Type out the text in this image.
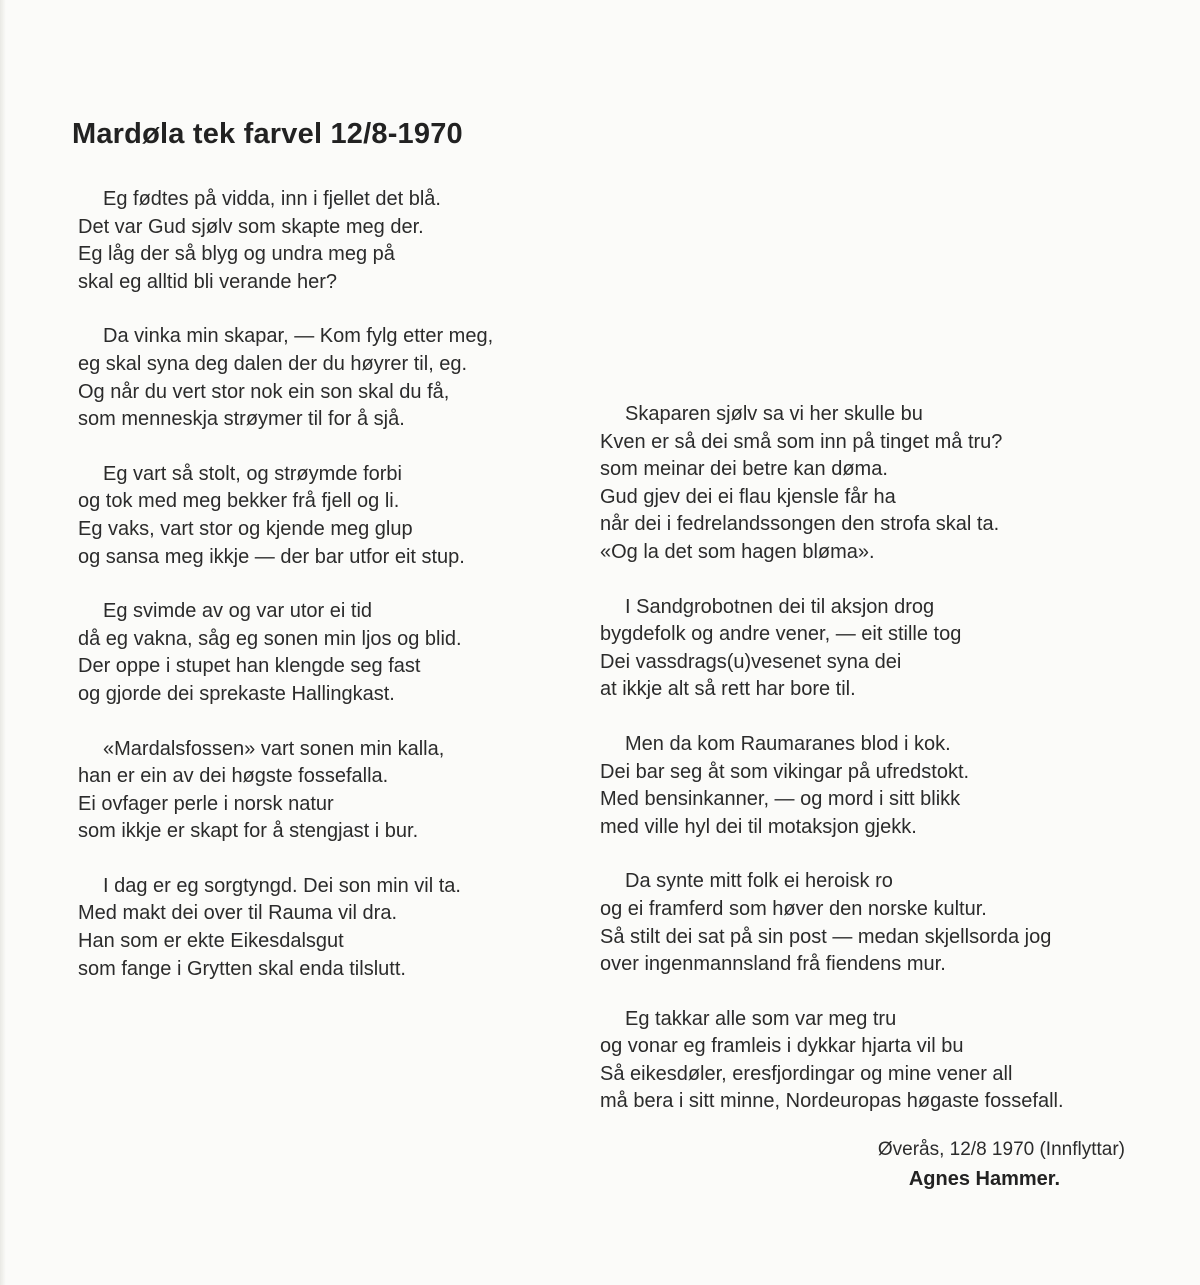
Mardøla tek farvel 12/8-1970
Eg fødtes på vidda, inn i fjellet det blå.
Det var Gud sjølv som skapte meg der.
Eg låg der så blyg og undra meg på
skal eg alltid bli verande her?
Da vinka min skapar, — Kom fylg etter meg,
eg skal syna deg dalen der du høyrer til, eg.
Og når du vert stor nok ein son skal du få,
som menneskja strøymer til for å sjå.
Eg vart så stolt, og strøymde forbi
og tok med meg bekker frå fjell og li.
Eg vaks, vart stor og kjende meg glup
og sansa meg ikkje — der bar utfor eit stup.
Eg svimde av og var utor ei tid
då eg vakna, såg eg sonen min ljos og blid.
Der oppe i stupet han klengde seg fast
og gjorde dei sprekaste Hallingkast.
«Mardalsfossen» vart sonen min kalla,
han er ein av dei høgste fossefalla.
Ei ovfager perle i norsk natur
som ikkje er skapt for å stengjast i bur.
I dag er eg sorgtyngd. Dei son min vil ta.
Med makt dei over til Rauma vil dra.
Han som er ekte Eikesdalsgut
som fange i Grytten skal enda tilslutt.
Skaparen sjølv sa vi her skulle bu
Kven er så dei små som inn på tinget må tru?
som meinar dei betre kan døma.
Gud gjev dei ei flau kjensle får ha
når dei i fedrelandssongen den strofa skal ta.
«Og la det som hagen bløma».
I Sandgrobotnen dei til aksjon drog
bygdefolk og andre vener, — eit stille tog
Dei vassdrags(u)vesenet syna dei
at ikkje alt så rett har bore til.
Men da kom Raumaranes blod i kok.
Dei bar seg åt som vikingar på ufredstokt.
Med bensinkanner, — og mord i sitt blikk
med ville hyl dei til motaksjon gjekk.
Da synte mitt folk ei heroisk ro
og ei framferd som høver den norske kultur.
Så stilt dei sat på sin post — medan skjellsorda jog
over ingenmannsland frå fiendens mur.
Eg takkar alle som var meg tru
og vonar eg framleis i dykkar hjarta vil bu
Så eikesdøler, eresfjordingar og mine vener all
må bera i sitt minne, Nordeuropas høgaste fossefall.
Øverås, 12/8 1970 (Innflyttar)
Agnes Hammer.
